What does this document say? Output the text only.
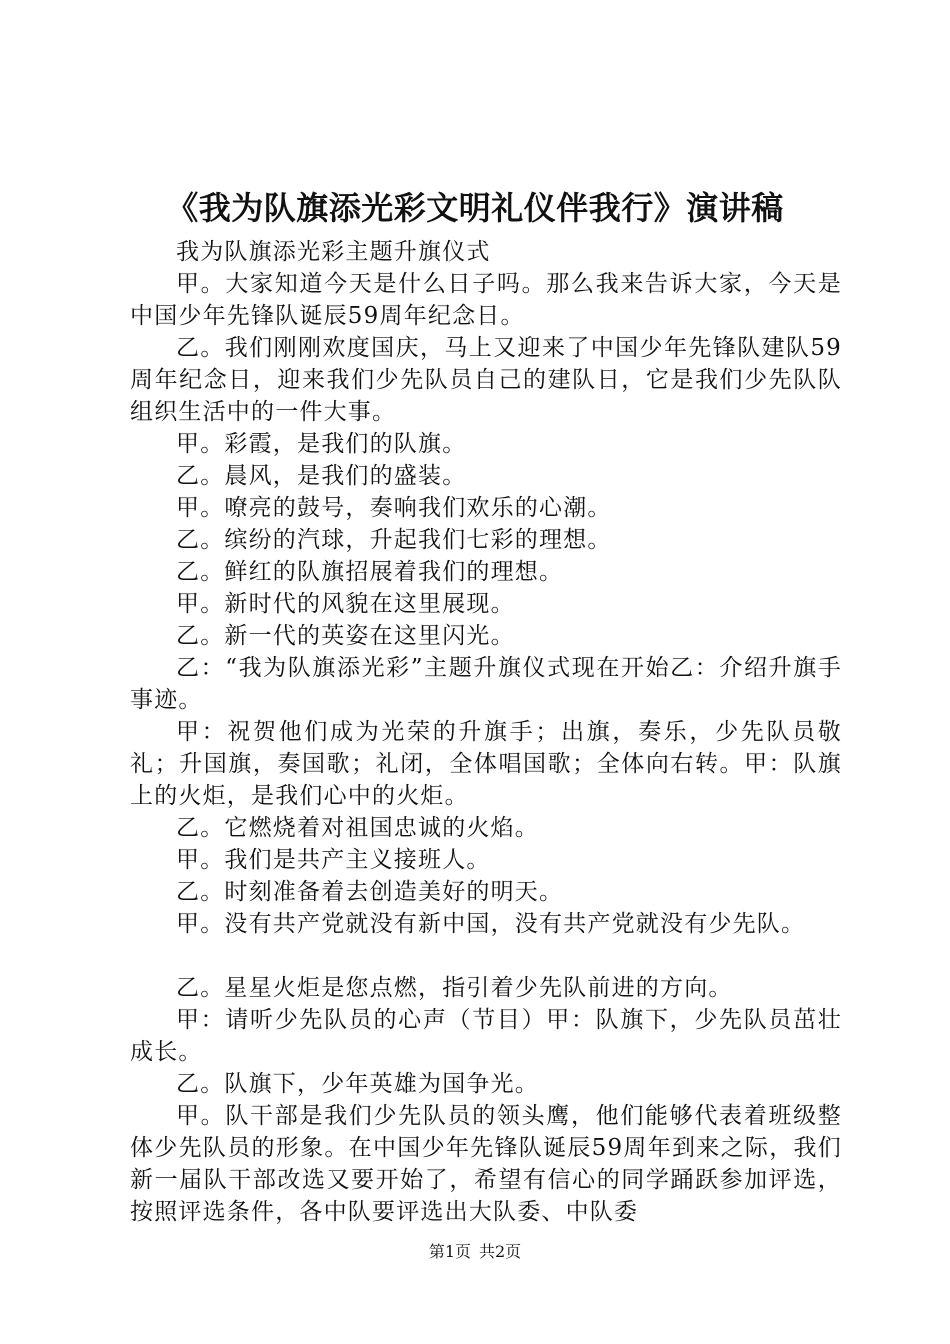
《我为队旗添光彩文明礼仪伴我行》演讲稿

我为队旗添光彩主题升旗仪式

甲。大家知道今天是什么日子吗。那么我来告诉大家，今天是中国少年先锋队诞辰59周年纪念日。

乙。我们刚刚欢度国庆，马上又迎来了中国少年先锋队建队59周年纪念日，迎来我们少先队员自己的建队日，它是我们少先队队组织生活中的一件大事。

甲。彩霞，是我们的队旗。

乙。晨风，是我们的盛装。

甲。嘹亮的鼓号，奏响我们欢乐的心潮。

乙。缤纷的汽球，升起我们七彩的理想。

乙。鲜红的队旗招展着我们的理想。

甲。新时代的风貌在这里展现。

乙。新一代的英姿在这里闪光。

乙：“我为队旗添光彩”主题升旗仪式现在开始乙：介绍升旗手事迹。

甲：祝贺他们成为光荣的升旗手；出旗，奏乐，少先队员敬礼；升国旗，奏国歌；礼闭，全体唱国歌；全体向右转。甲：队旗上的火炬，是我们心中的火炬。

乙。它燃烧着对祖国忠诚的火焰。

甲。我们是共产主义接班人。

乙。时刻准备着去创造美好的明天。

甲。没有共产党就没有新中国，没有共产党就没有少先队。

乙。星星火炬是您点燃，指引着少先队前进的方向。

甲：请听少先队员的心声（节目）甲：队旗下，少先队员茁壮成长。

乙。队旗下，少年英雄为国争光。

甲。队干部是我们少先队员的领头鹰，他们能够代表着班级整体少先队员的形象。在中国少年先锋队诞辰59周年到来之际，我们新一届队干部改选又要开始了，希望有信心的同学踊跃参加评选，按照评选条件，各中队要评选出大队委、中队委

第1页 共2页
